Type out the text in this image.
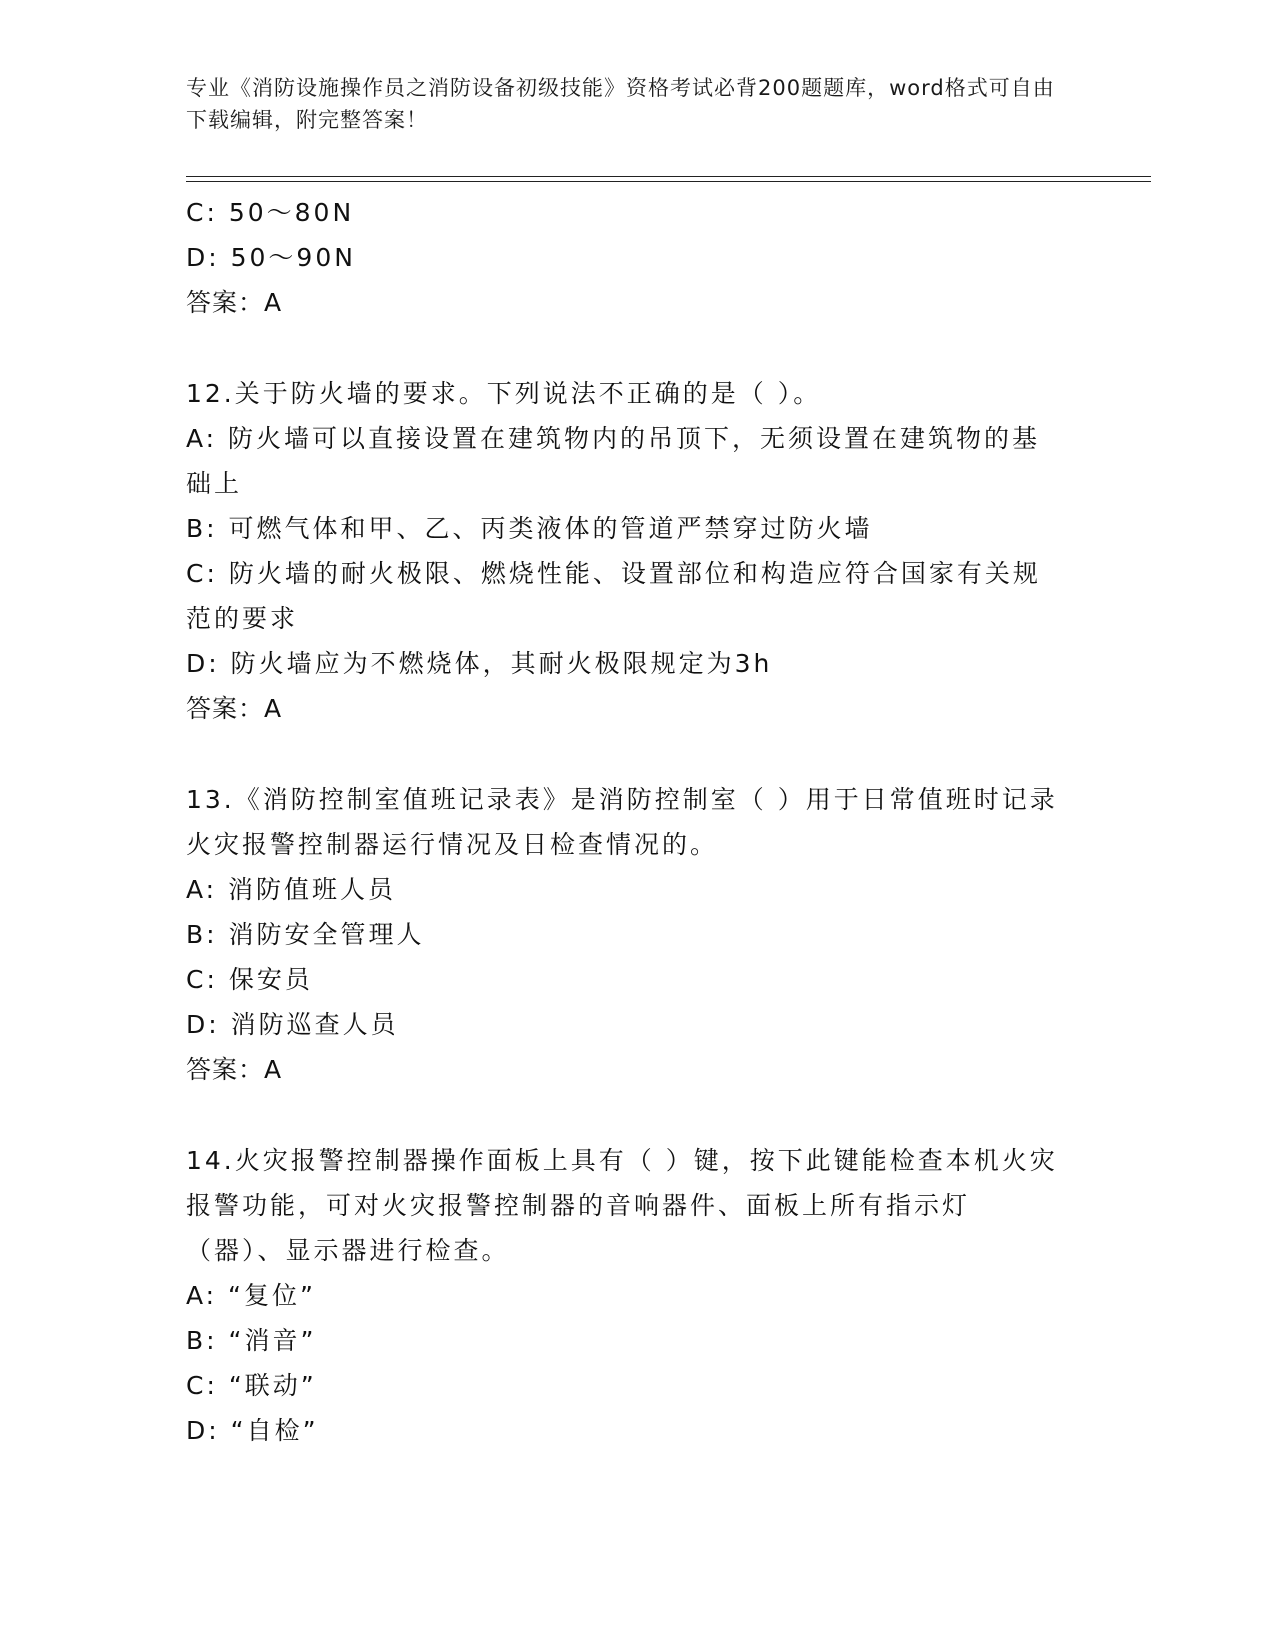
专业《消防设施操作员之消防设备初级技能》资格考试必背200题题库，word格式可自由下载编辑，附完整答案！
C: 50～80N
D: 50～90N
答案：A
12.关于防火墙的要求。下列说法不正确的是（ ）。
A: 防火墙可以直接设置在建筑物内的吊顶下，无须设置在建筑物的基础上
B: 可燃气体和甲、乙、丙类液体的管道严禁穿过防火墙
C: 防火墙的耐火极限、燃烧性能、设置部位和构造应符合国家有关规范的要求
D: 防火墙应为不燃烧体，其耐火极限规定为3h
答案：A
13.《消防控制室值班记录表》是消防控制室（ ）用于日常值班时记录火灾报警控制器运行情况及日检查情况的。
A: 消防值班人员
B: 消防安全管理人
C: 保安员
D: 消防巡查人员
答案：A
14.火灾报警控制器操作面板上具有（ ）键，按下此键能检查本机火灾报警功能，可对火灾报警控制器的音响器件、面板上所有指示灯（器）、显示器进行检查。
A: “复位”
B: “消音”
C: “联动”
D: “自检”
